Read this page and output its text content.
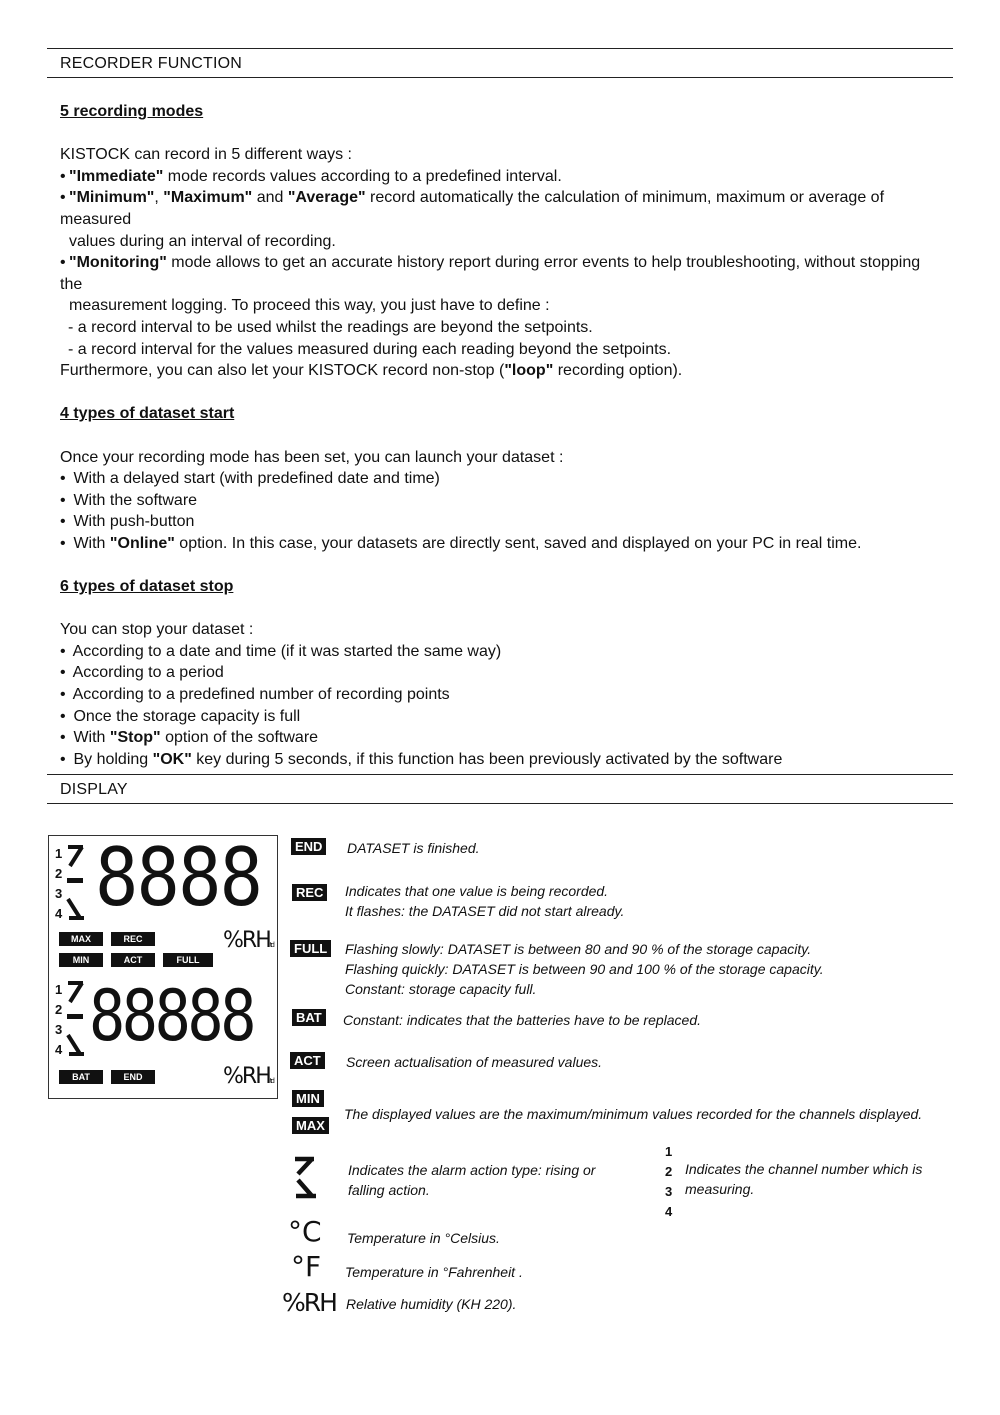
RECORDER FUNCTION

5 recording modes

KISTOCK can record in 5 different ways :

• "Immediate" mode records values according to a predefined interval.

• "Minimum", "Maximum" and "Average" record automatically the calculation of minimum, maximum or average of measured

values during an interval of recording.

• "Monitoring" mode allows to get an accurate history report during error events to help troubleshooting, without stopping the

measurement logging. To proceed this way, you just have to define :

- a record interval to be used whilst the readings are beyond the setpoints.

- a record interval for the values measured during each reading beyond the setpoints.

Furthermore, you can also let your KISTOCK record non-stop ("loop" recording option).

4 types of dataset start

Once your recording mode has been set, you can launch your dataset :

• With a delayed start (with predefined date and time)

• With the software

• With push-button

• With "Online" option. In this case, your datasets are directly sent, saved and displayed on your PC in real time.

6 types of dataset stop

You can stop your dataset :

• According to a date and time (if it was started the same way)

• According to a period

• According to a predefined number of recording points

• Once the storage capacity is full

• With "Stop" option of the software

• By holding "OK" key during 5 seconds, if this function has been previously activated by the software

DISPLAY
1
2
3
4 8888
%RHtd
MAX	REC
MIN	ACT	FULL
1
2
3
4 88888
%RHtd
BAT	END
END DATASET is finished.
REC Indicates that one value is being recorded.

It flashes: the DATASET did not start already.

FULL Flashing slowly: DATASET is between 80 and 90 % of the storage capacity.

Flashing quickly: DATASET is between 90 and 100 % of the storage capacity.

Constant: storage capacity full.

BAT Constant: indicates that the batteries have to be replaced.
ACT Screen actualisation of measured values.
MIN
MAX
The displayed values are the maximum/minimum values recorded for the channels displayed.

Indicates the alarm action type: rising or

falling action.

1
2
3
4

Indicates the channel number which is

measuring.

°C Temperature in °Celsius.
°F Temperature in °Fahrenheit .
%RH Relative humidity (KH 220).
